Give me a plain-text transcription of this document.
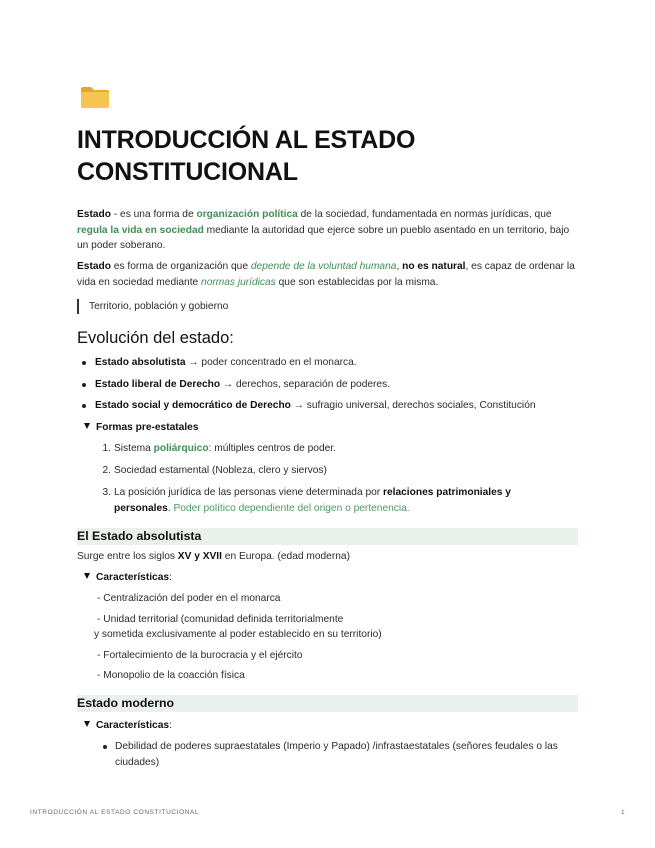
INTRODUCCIÓN AL ESTADO CONSTITUCIONAL
Estado - es una forma de organización política de la sociedad, fundamentada en normas jurídicas, que regula la vida en sociedad mediante la autoridad que ejerce sobre un pueblo asentado en un territorio, bajo un poder soberano.
Estado es forma de organización que depende de la voluntad humana, no es natural, es capaz de ordenar la vida en sociedad mediante normas jurídicas que son establecidas por la misma.
Territorio, población y gobierno
Evolución del estado:
Estado absolutista → poder concentrado en el monarca.
Estado liberal de Derecho → derechos, separación de poderes.
Estado social y democrático de Derecho → sufragio universal, derechos sociales, Constitución
Formas pre-estatales
1. Sistema poliárquico: múltiples centros de poder.
2. Sociedad estamental (Nobleza, clero y siervos)
3. La posición jurídica de las personas viene determinada por relaciones patrimoniales y personales. Poder político dependiente del origen o pertenencia.
El Estado absolutista
Surge entre los siglos XV y XVII en Europa. (edad moderna)
Características:
- Centralización del poder en el monarca
- Unidad territorial (comunidad definida territorialmente
y sometida exclusivamente al poder establecido en su territorio)
- Fortalecimiento de la burocracia y el ejército
- Monopolio de la coacción física
Estado moderno
Características:
Debilidad de poderes supraestatales (Imperio y Papado) /infrastaestatales (señores feudales o las ciudades)
INTRODUCCIÓN AL ESTADO CONSTITUCIONAL	1
